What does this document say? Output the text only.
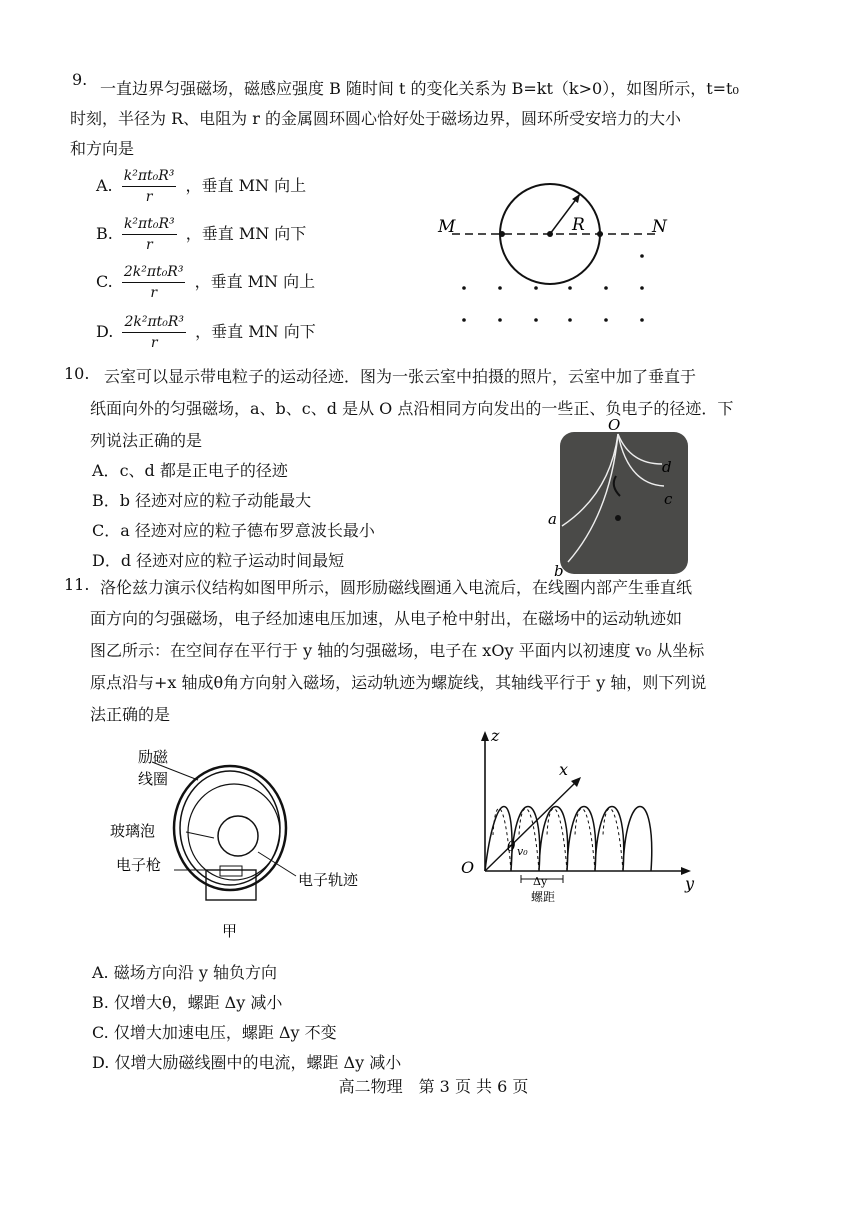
9. 一直边界匀强磁场，磁感应强度 B 随时间 t 的变化关系为 B=kt（k>0），如图所示，t=t₀
时刻，半径为 R、电阻为 r 的金属圆环圆心恰好处于磁场边界，圆环所受安培力的大小
和方向是
A. $\frac{\text{k²πt₀R³}}{r}$ ，垂直 MN 向上
B. $\frac{\text{k²πt₀R³}}{r}$ ，垂直 MN 向下
C. $\frac{\text{2k²πt₀R³}}{r}$ ，垂直 MN 向上
D. $\frac{\text{2k²πt₀R³}}{r}$ ，垂直 MN 向下
M	N
R
10. 云室可以显示带电粒子的运动径迹．图为一张云室中拍摄的照片，云室中加了垂直于
纸面向外的匀强磁场，a、b、c、d 是从 O 点沿相同方向发出的一些正、负电子的径迹．下
列说法正确的是
A．c、d 都是正电子的径迹
B．b 径迹对应的粒子动能最大
C．a 径迹对应的粒子德布罗意波长最小
D．d 径迹对应的粒子运动时间最短
O
d
c
a
b
11. 洛伦兹力演示仪结构如图甲所示，圆形励磁线圈通入电流后，在线圈内部产生垂直纸
面方向的匀强磁场，电子经加速电压加速，从电子枪中射出，在磁场中的运动轨迹如
图乙所示：在空间存在平行于 y 轴的匀强磁场，电子在 xOy 平面内以初速度 v₀ 从坐标
原点沿与+x 轴成θ角方向射入磁场，运动轨迹为螺旋线，其轴线平行于 y 轴，则下列说
法正确的是
励磁
线圈
玻璃泡
电子枪
电子轨迹
甲
z
x
y
O
θ v₀
Δy
螺距
A. 磁场方向沿 y 轴负方向
B. 仅增大θ，螺距 Δy 减小
C. 仅增大加速电压，螺距 Δy 不变
D. 仅增大励磁线圈中的电流，螺距 Δy 减小
高二物理　第 3 页 共 6 页
